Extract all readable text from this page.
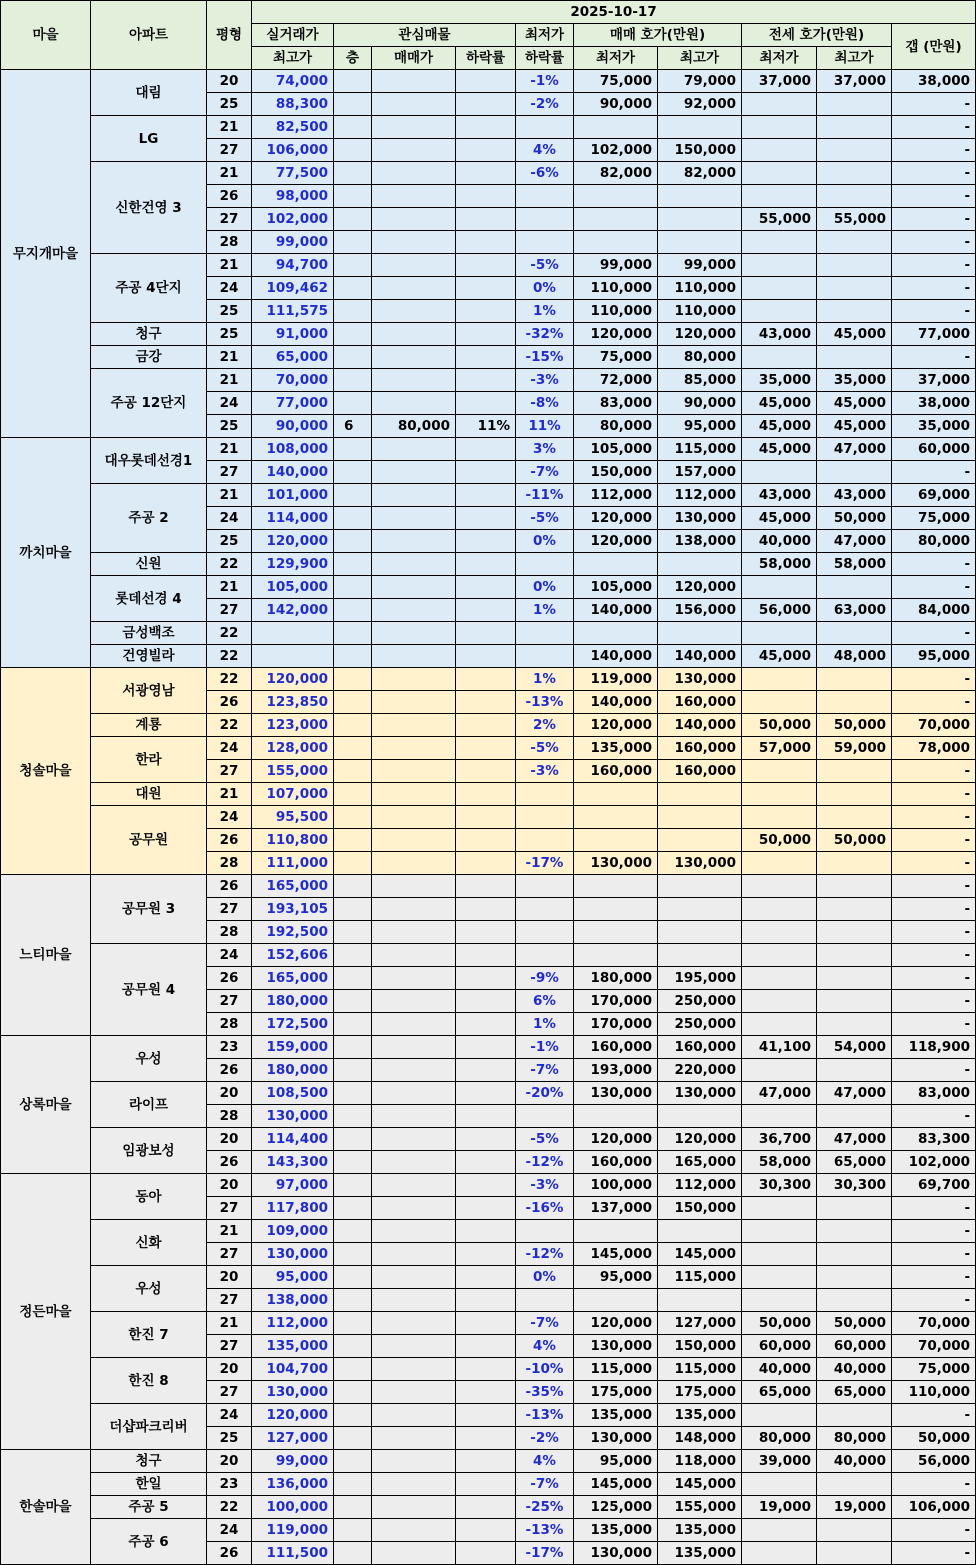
마을	아파트	평형	2025-10-17									
			실거래가	관심매물			최저가	매매 호가(만원)		전세 호가(만원)		갭 (만원)
			최고가	층	매매가	하락률	하락률	최저가	최고가	최저가	최고가	
무지개마을	대림	20	74,000				-1%	75,000	79,000	37,000	37,000	38,000
		25	88,300				-2%	90,000	92,000			-
	LG	21	82,500									-
		27	106,000				4%	102,000	150,000			-
	신한건영 3	21	77,500				-6%	82,000	82,000			-
		26	98,000									-
		27	102,000							55,000	55,000	-
		28	99,000									-
	주공 4단지	21	94,700				-5%	99,000	99,000			-
		24	109,462				0%	110,000	110,000			-
		25	111,575				1%	110,000	110,000			-
	청구	25	91,000				-32%	120,000	120,000	43,000	45,000	77,000
	금강	21	65,000				-15%	75,000	80,000			-
	주공 12단지	21	70,000				-3%	72,000	85,000	35,000	35,000	37,000
		24	77,000				-8%	83,000	90,000	45,000	45,000	38,000
		25	90,000	6	80,000	11%	11%	80,000	95,000	45,000	45,000	35,000
까치마을	대우롯데선경1	21	108,000				3%	105,000	115,000	45,000	47,000	60,000
		27	140,000				-7%	150,000	157,000			-
	주공 2	21	101,000				-11%	112,000	112,000	43,000	43,000	69,000
		24	114,000				-5%	120,000	130,000	45,000	50,000	75,000
		25	120,000				0%	120,000	138,000	40,000	47,000	80,000
	신원	22	129,900							58,000	58,000	-
	롯데선경 4	21	105,000				0%	105,000	120,000			-
		27	142,000				1%	140,000	156,000	56,000	63,000	84,000
	금성백조	22										-
	건영빌라	22						140,000	140,000	45,000	48,000	95,000
청솔마을	서광영남	22	120,000				1%	119,000	130,000			-
		26	123,850				-13%	140,000	160,000			-
	계룡	22	123,000				2%	120,000	140,000	50,000	50,000	70,000
	한라	24	128,000				-5%	135,000	160,000	57,000	59,000	78,000
		27	155,000				-3%	160,000	160,000			-
	대원	21	107,000									-
	공무원	24	95,500									-
		26	110,800							50,000	50,000	-
		28	111,000				-17%	130,000	130,000			-
느티마을	공무원 3	26	165,000									-
		27	193,105									-
		28	192,500									-
	공무원 4	24	152,606									-
		26	165,000				-9%	180,000	195,000			-
		27	180,000				6%	170,000	250,000			-
		28	172,500				1%	170,000	250,000			-
상록마을	우성	23	159,000				-1%	160,000	160,000	41,100	54,000	118,900
		26	180,000				-7%	193,000	220,000			-
	라이프	20	108,500				-20%	130,000	130,000	47,000	47,000	83,000
		28	130,000									-
	임광보성	20	114,400				-5%	120,000	120,000	36,700	47,000	83,300
		26	143,300				-12%	160,000	165,000	58,000	65,000	102,000
정든마을	동아	20	97,000				-3%	100,000	112,000	30,300	30,300	69,700
		27	117,800				-16%	137,000	150,000			-
	신화	21	109,000									-
		27	130,000				-12%	145,000	145,000			-
	우성	20	95,000				0%	95,000	115,000			-
		27	138,000									-
	한진 7	21	112,000				-7%	120,000	127,000	50,000	50,000	70,000
		27	135,000				4%	130,000	150,000	60,000	60,000	70,000
	한진 8	20	104,700				-10%	115,000	115,000	40,000	40,000	75,000
		27	130,000				-35%	175,000	175,000	65,000	65,000	110,000
	더샵파크리버	24	120,000				-13%	135,000	135,000			-
		25	127,000				-2%	130,000	148,000	80,000	80,000	50,000
한솔마을	청구	20	99,000				4%	95,000	118,000	39,000	40,000	56,000
	한일	23	136,000				-7%	145,000	145,000			-
	주공 5	22	100,000				-25%	125,000	155,000	19,000	19,000	106,000
	주공 6	24	119,000				-13%	135,000	135,000			-
		26	111,500				-17%	130,000	135,000			-
